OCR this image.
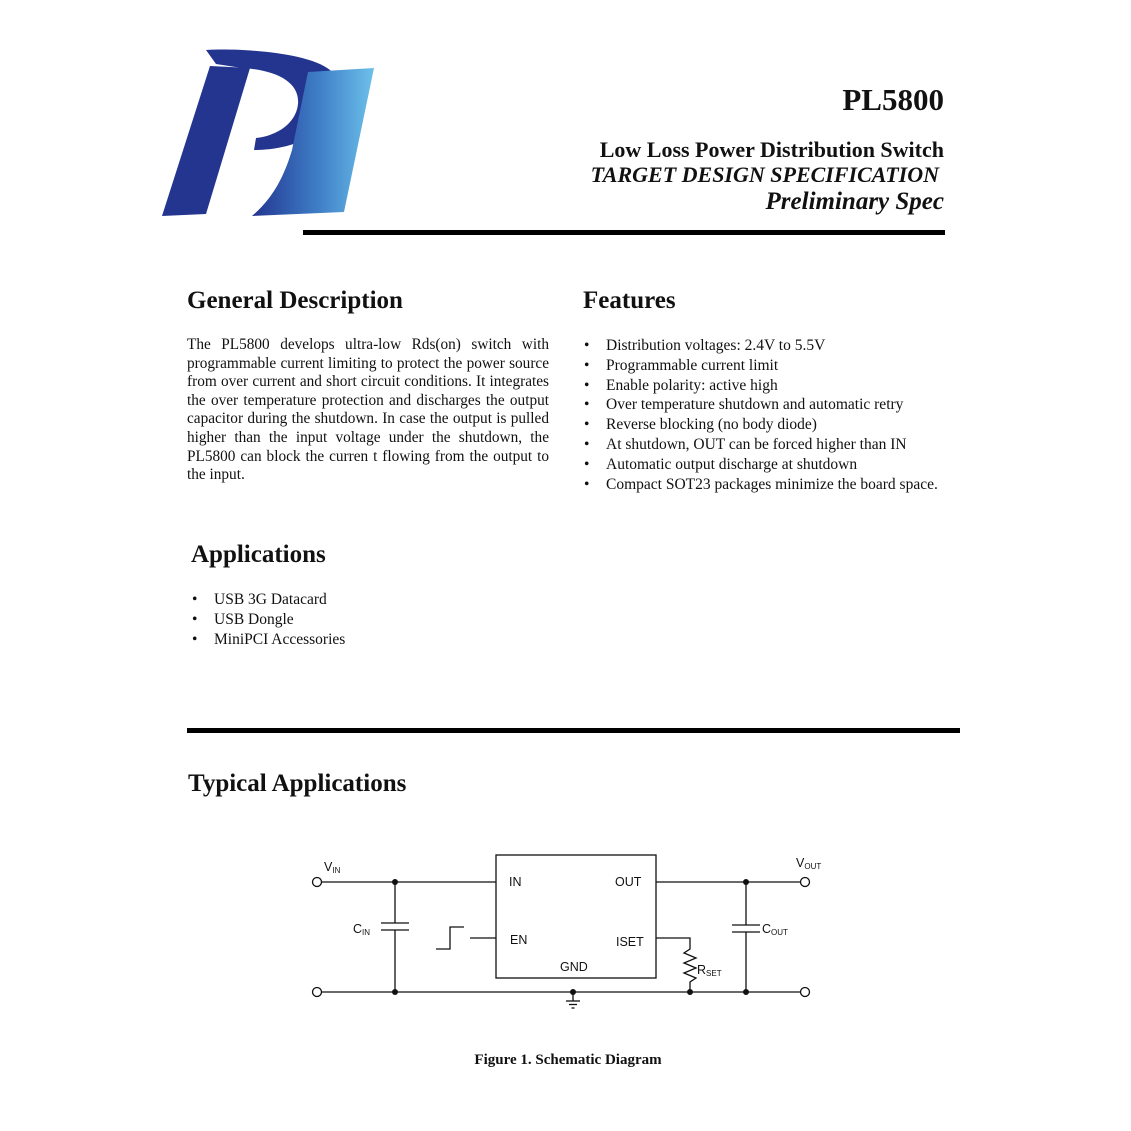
PL5800
Low Loss Power Distribution Switch
TARGET DESIGN SPECIFICATION
Preliminary Spec
General Description
The PL5800 develops ultra-low Rds(on) switch with programmable current limiting to protect the power source from over current and short circuit conditions. It integrates the over temperature protection and discharges the output capacitor during the shutdown. In case the output is pulled higher than the input voltage under the shutdown, the PL5800 can block the curren t flowing from the output to the input.
Features
• Distribution voltages: 2.4V to 5.5V
• Programmable current limit
• Enable polarity: active high
• Over temperature shutdown and automatic retry
• Reverse blocking (no body diode)
• At shutdown, OUT can be forced higher than IN
• Automatic output discharge at shutdown
• Compact SOT23 packages minimize the board space.
Applications
• USB 3G Datacard
• USB Dongle
• MiniPCI Accessories
Typical Applications
IN	OUT
EN	ISET
GND
VIN
VOUT
CIN	COUT
RSET
Figure 1. Schematic Diagram
